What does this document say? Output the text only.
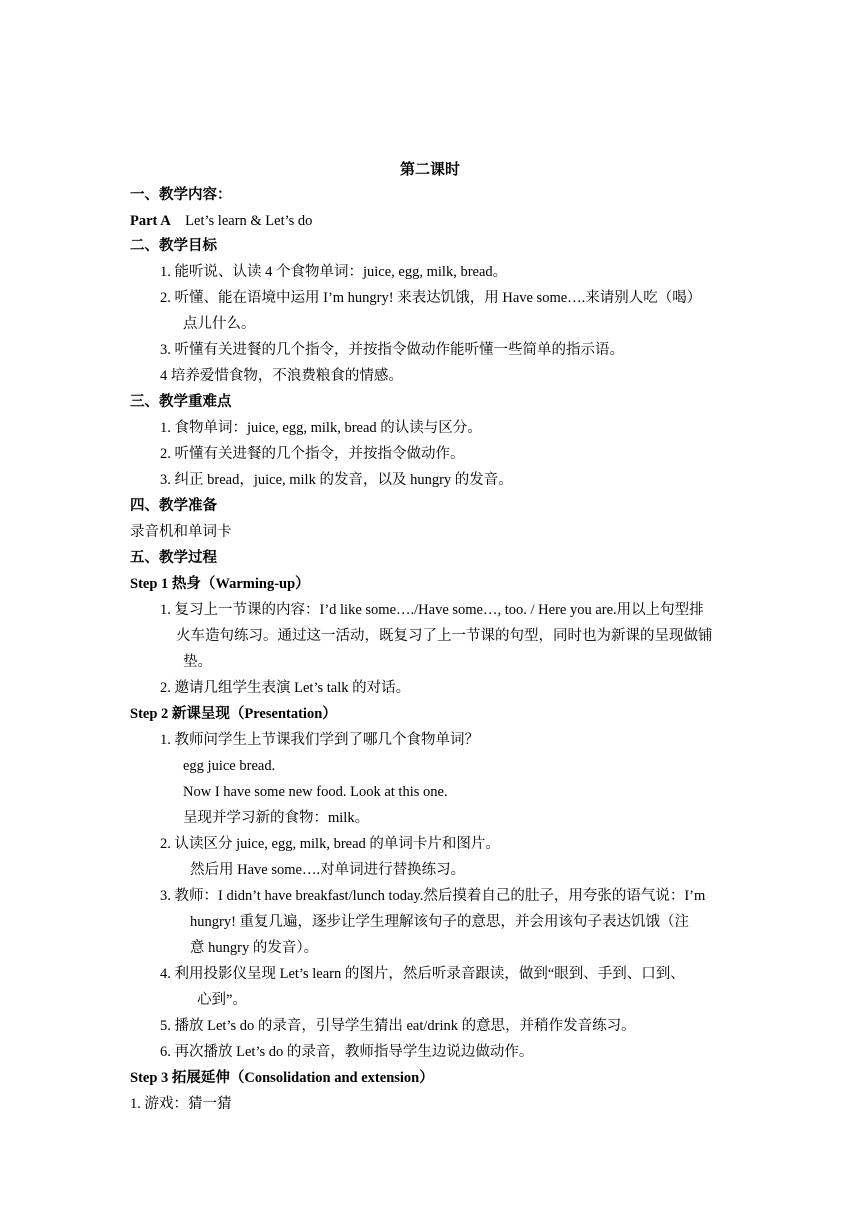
第二课时
一、教学内容：
Part A Let’s learn & Let’s do
二、教学目标
1. 能听说、认读 4 个食物单词：juice, egg, milk, bread。
2. 听懂、能在语境中运用 I’m hungry! 来表达饥饿，用 Have some….来请别人吃（喝）
点儿什么。
3. 听懂有关进餐的几个指令，并按指令做动作能听懂一些简单的指示语。
4 培养爱惜食物，不浪费粮食的情感。
三、教学重难点
1. 食物单词：juice, egg, milk, bread 的认读与区分。
2. 听懂有关进餐的几个指令，并按指令做动作。
3. 纠正 bread，juice, milk 的发音，以及 hungry 的发音。
四、教学准备
录音机和单词卡
五、教学过程
Step 1 热身（Warming-up）
1. 复习上一节课的内容：I’d like some…./Have some…, too. / Here you are.用以上句型排
火车造句练习。通过这一活动，既复习了上一节课的句型，同时也为新课的呈现做铺
垫。
2. 邀请几组学生表演 Let’s talk 的对话。
Step 2 新课呈现（Presentation）
1. 教师问学生上节课我们学到了哪几个食物单词？
egg juice bread.
Now I have some new food. Look at this one.
呈现并学习新的食物：milk。
2. 认读区分 juice, egg, milk, bread 的单词卡片和图片。
然后用 Have some….对单词进行替换练习。
3. 教师：I didn’t have breakfast/lunch today.然后摸着自己的肚子，用夸张的语气说：I’m
hungry! 重复几遍，逐步让学生理解该句子的意思，并会用该句子表达饥饿（注
意 hungry 的发音）。
4. 利用投影仪呈现 Let’s learn 的图片，然后听录音跟读，做到“眼到、手到、口到、
心到”。
5. 播放 Let’s do 的录音，引导学生猜出 eat/drink 的意思，并稍作发音练习。
6. 再次播放 Let’s do 的录音，教师指导学生边说边做动作。
Step 3 拓展延伸（Consolidation and extension）
1. 游戏：猜一猜
